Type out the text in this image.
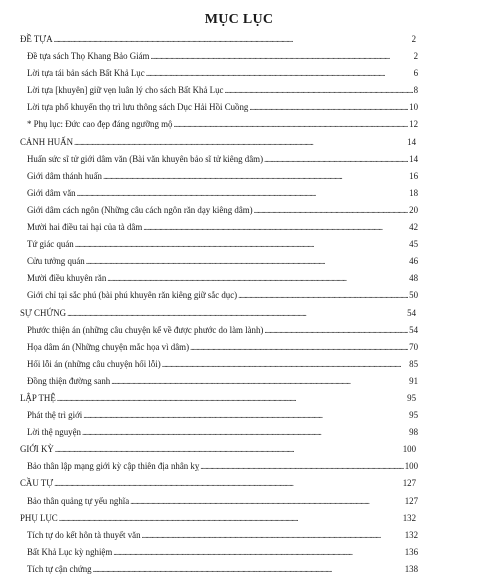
MỤC LỤC
ĐỀ TỰA . . .	2
Đề tựa sách Thọ Khang Bảo Giám . . .	2
Lời tựa tái bản sách Bất Khả Lục . . .	6
Lời tựa [khuyên] giữ vẹn luân lý cho sách Bất Khả Lục . . .	8
Lời tựa phổ khuyến thọ trì lưu thông sách Dục Hải Hồi Cuồng . . .	10
* Phụ lục: Đức cao đẹp đáng ngưỡng mộ . . .	12
CẢNH HUẤN . . .	14
Huấn sức sĩ tử giới dâm văn (Bài văn khuyên bảo sĩ tử kiêng dâm) . . .	14
Giới dâm thánh huấn . . .	16
Giới dâm văn . . .	18
Giới dâm cách ngôn (Những câu cách ngôn răn dạy kiêng dâm) . . .	20
Mười hai điều tai hại của tà dâm . . .	42
Tứ giác quán . . .	45
Cửu tưởng quán . . .	46
Mười điều khuyên răn . . .	48
Giới chỉ tại sắc phú (bài phú khuyên răn kiêng giữ sắc dục) . . .	50
SỰ CHỨNG . . .	54
Phước thiện án (những câu chuyện kể về được phước do làm lành) . . .	54
Họa dâm án (Những chuyện mắc họa vì dâm) . . .	70
Hối lỗi án (những câu chuyện hối lỗi) . . .	85
Đồng thiện đường sanh . . .	91
LẬP THỆ . . .	95
Phát thệ trì giới . . .	95
Lời thệ nguyện . . .	98
GIỚI KỲ . . .	100
Bảo thân lập mạng giới kỳ cập thiên địa nhân kỵ . . .	100
CẦU TỰ . . .	127
Bảo thân quảng tự yếu nghĩa . . .	127
PHỤ LỤC . . .	132
Tích tự do kết hôn tà thuyết văn . . .	132
Bất Khả Lục kỳ nghiệm . . .	136
Tích tự cận chứng . . .	138
